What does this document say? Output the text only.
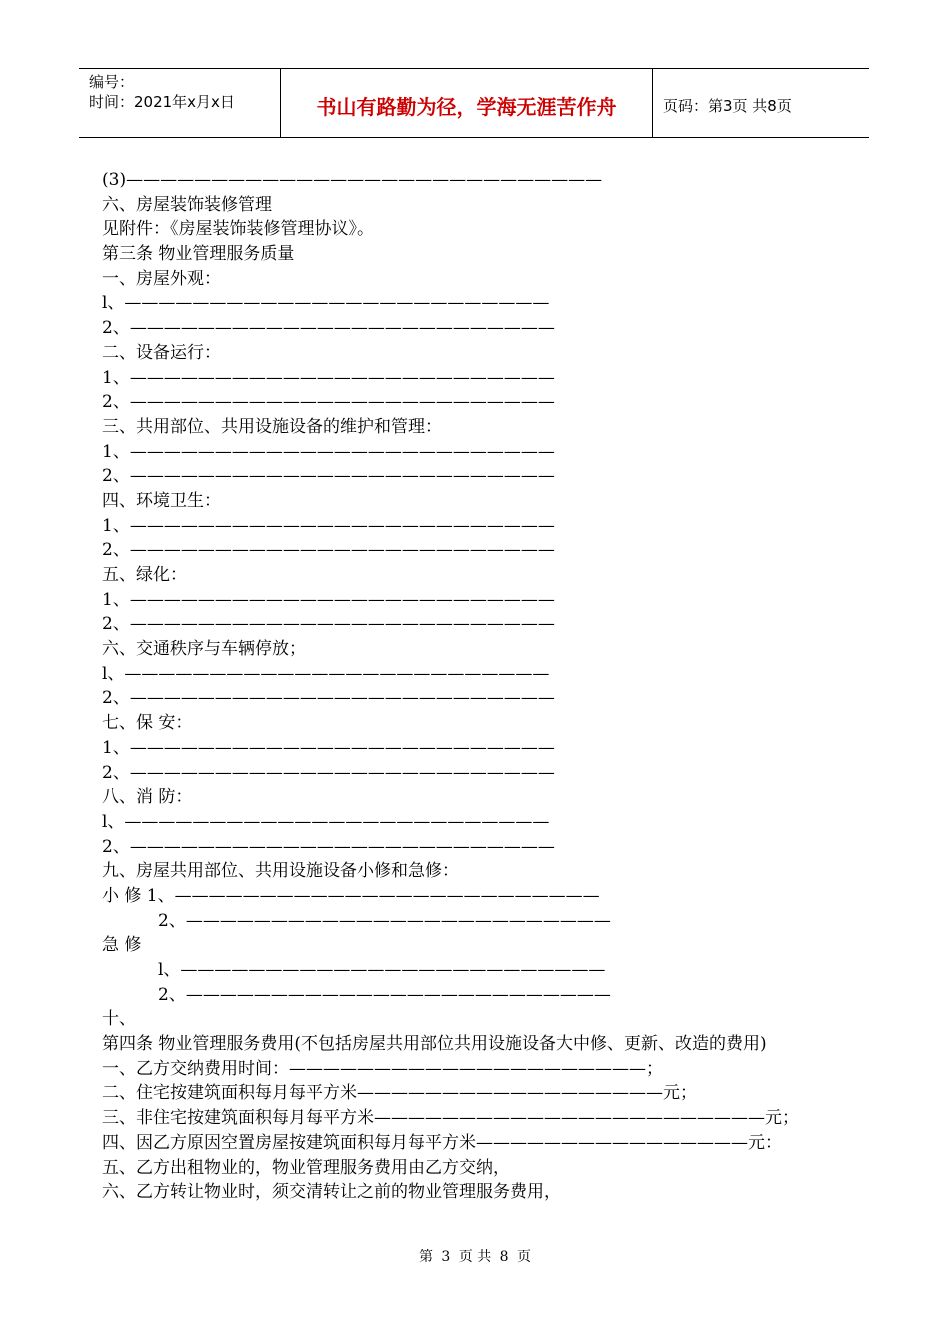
编号：
时间：2021年x月x日	书山有路勤为径，学海无涯苦作舟	页码：第3页 共8页
(3)————————————————————————————
六、房屋装饰装修管理
见附件：《房屋装饰装修管理协议》。
第三条 物业管理服务质量
一、房屋外观：
l、—————————————————————————
2、—————————————————————————
二、设备运行：
1、—————————————————————————
2、—————————————————————————
三、共用部位、共用设施设备的维护和管理：
1、—————————————————————————
2、—————————————————————————
四、环境卫生：
1、—————————————————————————
2、—————————————————————————
五、绿化：
1、—————————————————————————
2、—————————————————————————
六、交通秩序与车辆停放；
l、—————————————————————————
2、—————————————————————————
七、保 安：
1、—————————————————————————
2、—————————————————————————
八、消 防：
l、—————————————————————————
2、—————————————————————————
九、房屋共用部位、共用设施设备小修和急修：
小 修 1、—————————————————————————
2、—————————————————————————
急 修
l、—————————————————————————
2、—————————————————————————
十、
第四条 物业管理服务费用(不包括房屋共用部位共用设施设备大中修、更新、改造的费用)
一、乙方交纳费用时间：—————————————————————；
二、住宅按建筑面积每月每平方米——————————————————元；
三、非住宅按建筑面积每月每平方米———————————————————————元；
四、因乙方原因空置房屋按建筑面积每月每平方米————————————————元：
五、乙方出租物业的，物业管理服务费用由乙方交纳，
六、乙方转让物业时，须交清转让之前的物业管理服务费用，
第 3 页 共 8 页
